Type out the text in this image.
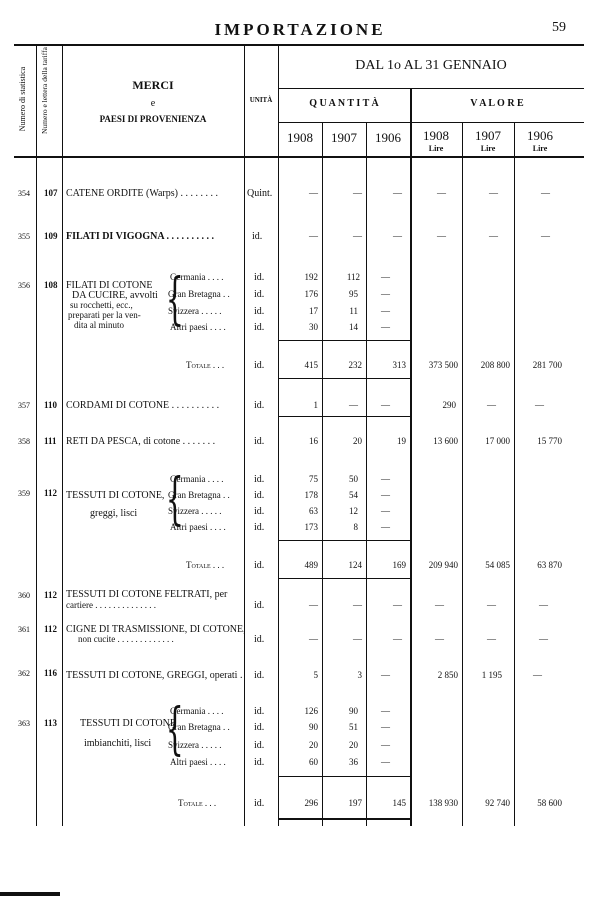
IMPORTAZIONE	59
Numero di statistica Numero e lettera della tariffa	MERCI
e
PAESI DI PROVENIENZA
UNITÀ
DAL 1o AL 31 GENNAIO
Q U A N T I T À	V A L O R E
1908	1907	1906	1908	1907	1906
Lire	Lire	Lire
354 107 CATENE ORDITE (Warps) . . . . . . . .	Quint.	—	—	—	—	—	—
355 109 FILATI DI VIGOGNA . . . . . . . . . .	id.	—	—	—	—	—	—
356 108 FILATI DI COTONE
DA CUCIRE, avvolti
su rocchetti, ecc.,
preparati per la ven-
dita al minuto {
Germania . . . .	id.	192	112	—
Gran Bretagna . . id.	176	95	—
Svizzera . . . . .	id.	17	11	—
Altri paesi . . . .	id.	30	14	—
Totale . . .	id.	415	232	313	373 500	208 800	281 700
357 110 CORDAMI DI COTONE . . . . . . . . . .	id.	1	—	—	290	—	—
358 111 RETI DA PESCA, di cotone . . . . . . .	id.	16	20	19	13 600	17 000	15 770
359 112 TESSUTI DI COTONE,
greggi, lisci {
Germania . . . .	id.	75	50	—
Gran Bretagna . . id.	178	54	—
Svizzera . . . . .	id.	63	12	—
Altri paesi . . . .	id.	173	8	—
Totale . . .	id.	489	124	169	209 940	54 085	63 870
360 112 TESSUTI DI COTONE FELTRATI, per
cartiere . . . . . . . . . . . . . .	id.	—	—	—	—	—	—
361 112 CIGNE DI TRASMISSIONE, DI COTONE,
non cucite . . . . . . . . . . . . .	id.	—	—	—	—	—	—
362 116 TESSUTI DI COTONE, GREGGI, operati . id.	5	3	—	2 850	1 195	—
363 113 TESSUTI DI COTONE
imbianchiti, lisci {
Germania . . . .	id.	126	90	—
Gran Bretagna . . id.	90	51	—
Svizzera . . . . .	id.	20	20	—
Altri paesi . . . .	id.	60	36	—
Totale . . .	id.	296	197	145	138 930	92 740	58 600
